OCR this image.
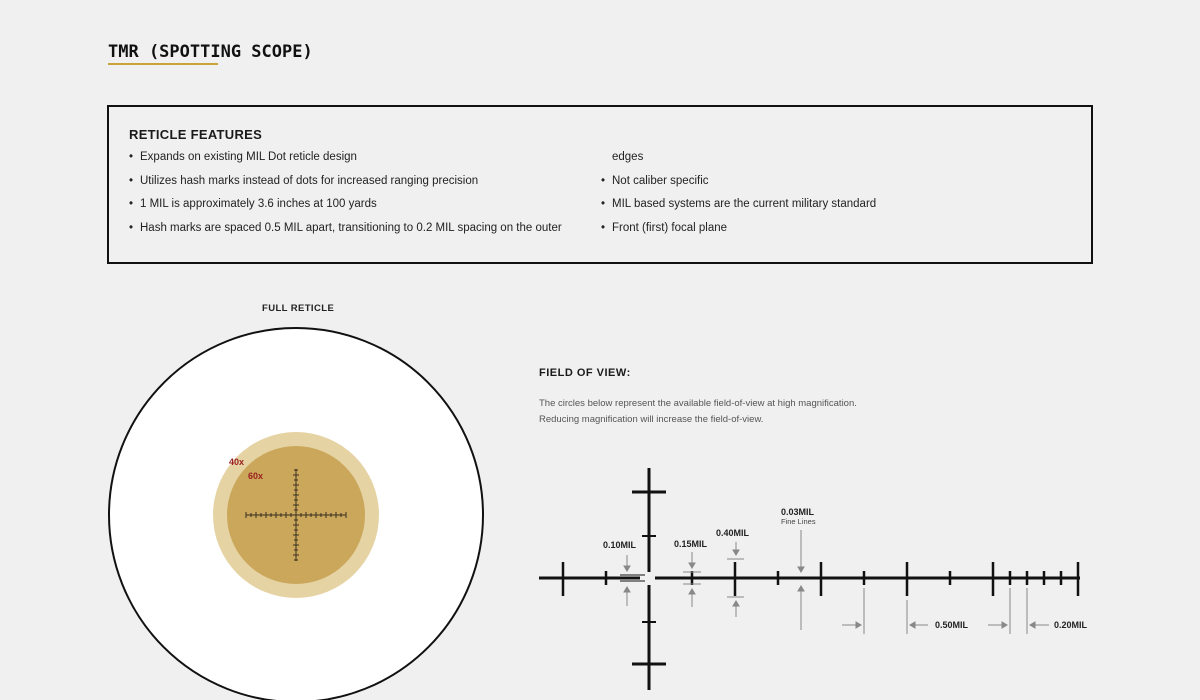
TMR (SPOTTING SCOPE)
RETICLE FEATURES
• Expands on existing MIL Dot reticle design
• Utilizes hash marks instead of dots for increased ranging precision
• 1 MIL is approximately 3.6 inches at 100 yards
• Hash marks are spaced 0.5 MIL apart, transitioning to 0.2 MIL spacing on the outer
edges
• Not caliber specific
• MIL based systems are the current military standard
• Front (first) focal plane
FULL RETICLE
FIELD OF VIEW:
The circles below represent the available field-of-view at high magnification.
Reducing magnification will increase the field-of-view.
40x
60x
0.10MIL	0.15MIL
0.40MIL
0.03MIL
Fine Lines
0.50MIL	0.20MIL
